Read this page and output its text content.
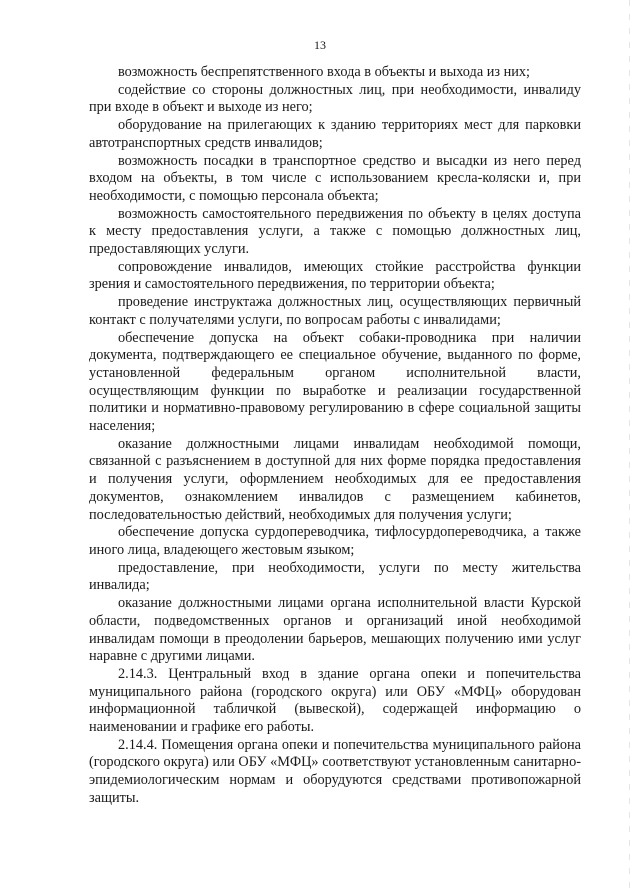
13

возможность беспрепятственного входа в объекты и выхода из них;

содействие со стороны должностных лиц, при необходимости, инвалиду при входе в объект и выходе из него;

оборудование на прилегающих к зданию территориях мест для парковки автотранспортных средств инвалидов;

возможность посадки в транспортное средство и высадки из него перед входом на объекты, в том числе с использованием кресла-коляски и, при необходимости, с помощью персонала объекта;

возможность самостоятельного передвижения по объекту в целях доступа к месту предоставления услуги, а также с помощью должностных лиц, предоставляющих услуги.

сопровождение инвалидов, имеющих стойкие расстройства функции зрения и самостоятельного передвижения, по территории объекта;

проведение инструктажа должностных лиц, осуществляющих первичный контакт с получателями услуги, по вопросам работы с инвалидами;

обеспечение допуска на объект собаки-проводника при наличии документа, подтверждающего ее специальное обучение, выданного по форме, установленной федеральным органом исполнительной власти, осуществляющим функции по выработке и реализации государственной политики и нормативно-правовому регулированию в сфере социальной защиты населения;

оказание должностными лицами инвалидам необходимой помощи, связанной с разъяснением в доступной для них форме порядка предоставления и получения услуги, оформлением необходимых для ее предоставления документов, ознакомлением инвалидов с размещением кабинетов, последовательностью действий, необходимых для получения услуги;

обеспечение допуска сурдопереводчика, тифлосурдопереводчика, а также иного лица, владеющего жестовым языком;

предоставление, при необходимости, услуги по месту жительства инвалида;

оказание должностными лицами органа исполнительной власти Курской области, подведомственных органов и организаций иной необходимой инвалидам помощи в преодолении барьеров, мешающих получению ими услуг наравне с другими лицами.

2.14.3. Центральный вход в здание органа опеки и попечительства муниципального района (городского округа) или ОБУ «МФЦ» оборудован информационной табличкой (вывеской), содержащей информацию о наименовании и графике его работы.

2.14.4. Помещения органа опеки и попечительства муниципального района (городского округа) или ОБУ «МФЦ» соответствуют установленным санитарно-эпидемиологическим нормам и оборудуются средствами противопожарной защиты.
